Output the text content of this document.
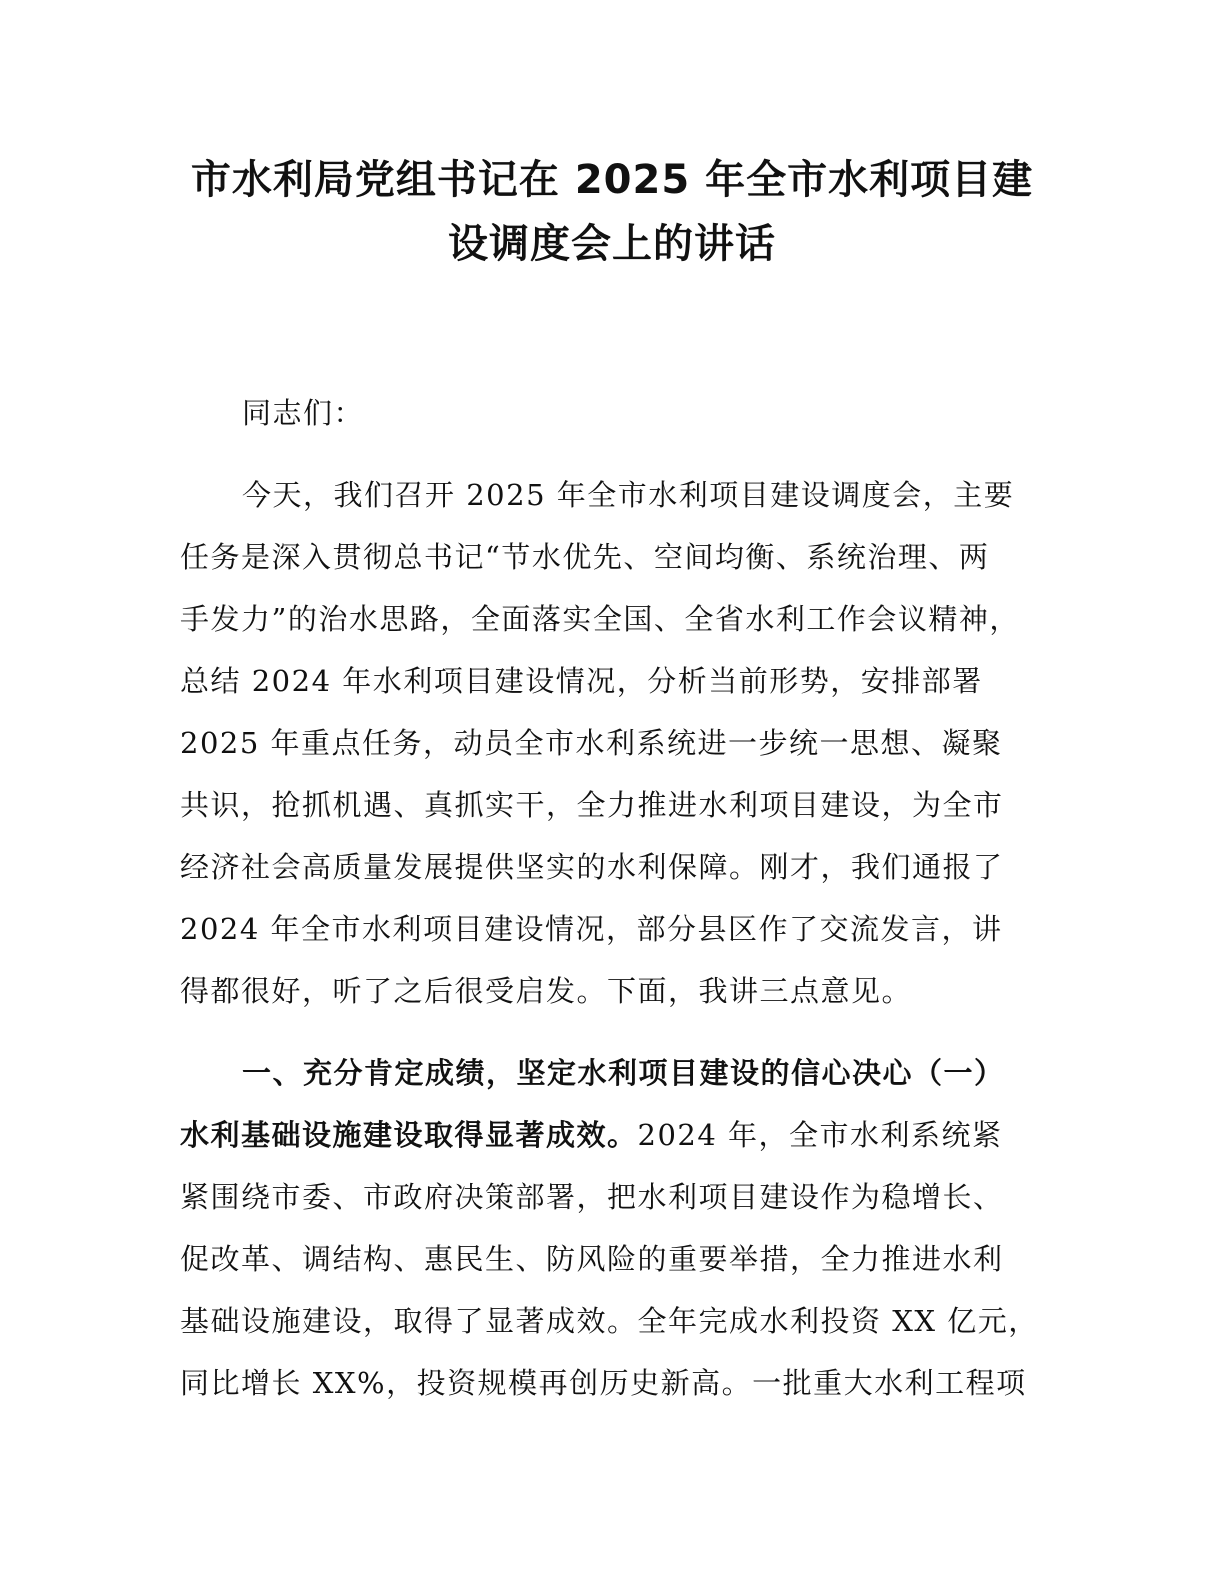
市水利局党组书记在 2025 年全市水利项目建
设调度会上的讲话
同志们：
今天，我们召开 2025 年全市水利项目建设调度会，主要
任务是深入贯彻总书记“节水优先、空间均衡、系统治理、两
手发力”的治水思路，全面落实全国、全省水利工作会议精神，
总结 2024 年水利项目建设情况，分析当前形势，安排部署
2025 年重点任务，动员全市水利系统进一步统一思想、凝聚
共识，抢抓机遇、真抓实干，全力推进水利项目建设，为全市
经济社会高质量发展提供坚实的水利保障。刚才，我们通报了
2024 年全市水利项目建设情况，部分县区作了交流发言，讲
得都很好，听了之后很受启发。下面，我讲三点意见。
一、充分肯定成绩，坚定水利项目建设的信心决心（一）
水利基础设施建设取得显著成效。2024 年，全市水利系统紧
紧围绕市委、市政府决策部署，把水利项目建设作为稳增长、
促改革、调结构、惠民生、防风险的重要举措，全力推进水利
基础设施建设，取得了显著成效。全年完成水利投资 XX 亿元，
同比增长 XX%，投资规模再创历史新高。一批重大水利工程项
